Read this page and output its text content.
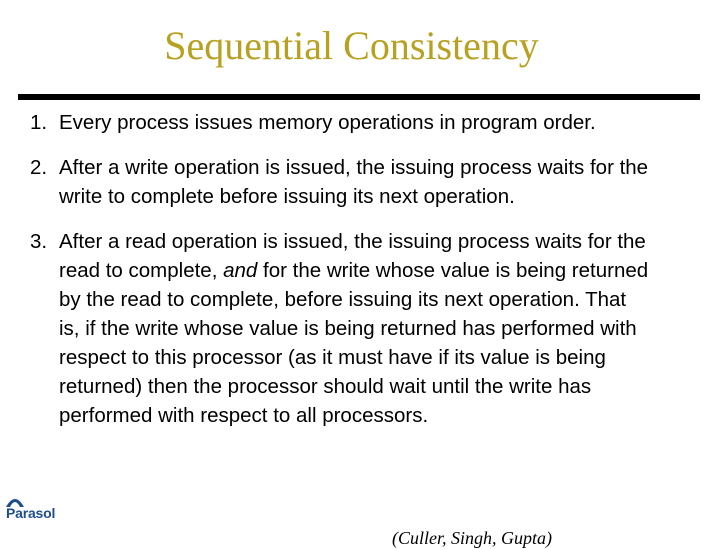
Sequential Consistency
1. Every process issues memory operations in program order.
2. After a write operation is issued, the issuing process waits for the write to complete before issuing its next operation.
3. After a read operation is issued, the issuing process waits for the read to complete, and for the write whose value is being returned by the read to complete, before issuing its next operation. That is, if the write whose value is being returned has performed with respect to this processor (as it must have if its value is being returned) then the processor should wait until the write has performed with respect to all processors.
Parasol
(Culler, Singh, Gupta)
